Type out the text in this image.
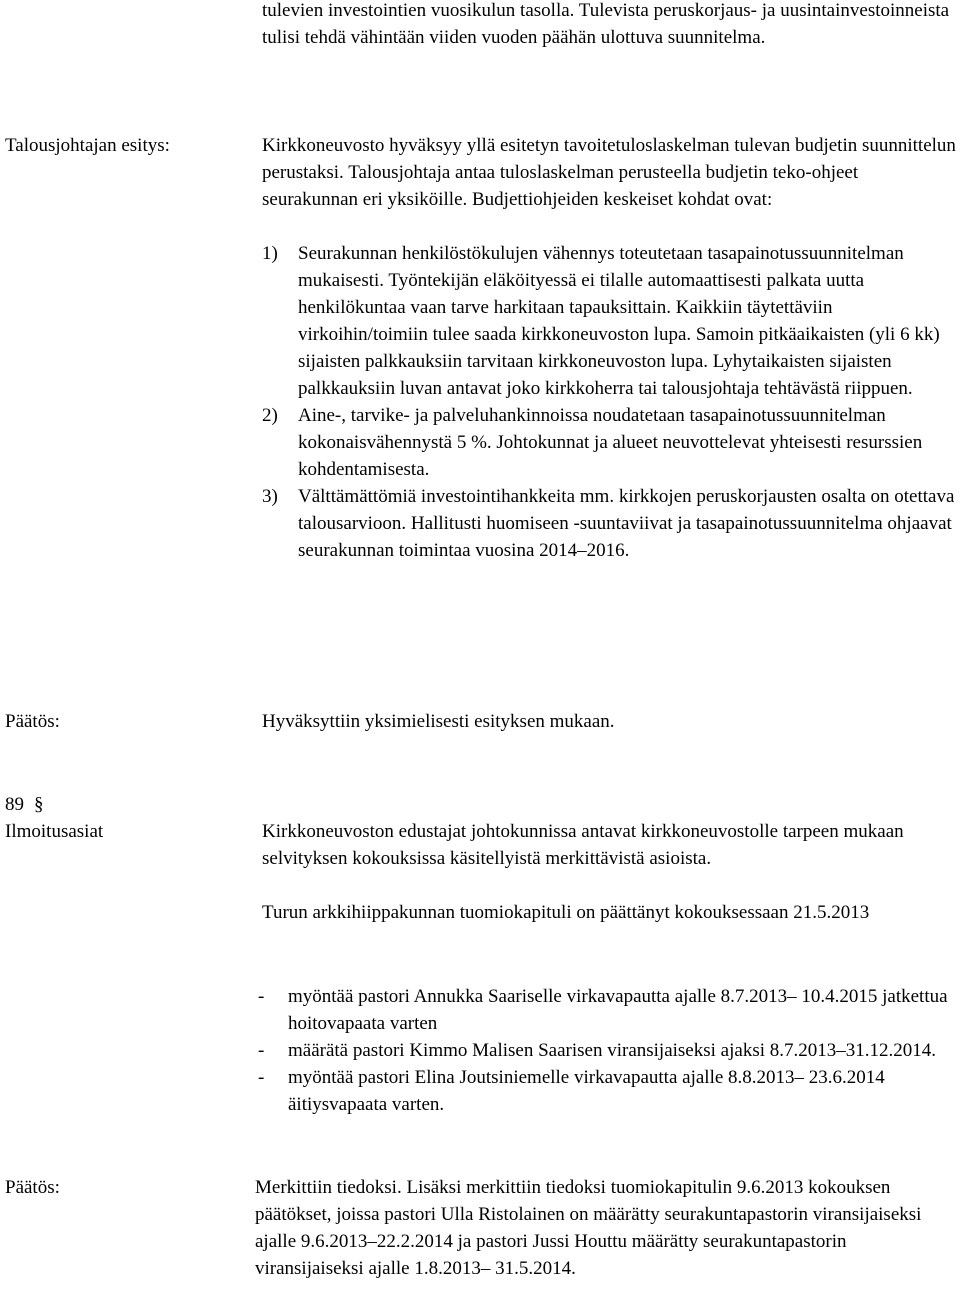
tulevien investointien vuosikulun tasolla. Tulevista peruskorjaus- ja uusintainvestoinneista tulisi tehdä vähintään viiden vuoden päähän ulottuva suunnitelma.

Talousjohtajan esitys:	Kirkkoneuvosto hyväksyy yllä esitetyn tavoitetuloslaskelman tulevan budjetin suunnittelun perustaksi. Talousjohtaja antaa tuloslaskelman perusteella budjetin teko-ohjeet seurakunnan eri yksiköille. Budjettiohjeiden keskeiset kohdat ovat:

1) Seurakunnan henkilöstökulujen vähennys toteutetaan tasapainotussuunnitelman mukaisesti. Työntekijän eläköityessä ei tilalle automaattisesti palkata uutta henkilökuntaa vaan tarve harkitaan tapauksittain. Kaikkiin täytettäviin virkoihin/toimiin tulee saada kirkkoneuvoston lupa. Samoin pitkäaikaisten (yli 6 kk) sijaisten palkkauksiin tarvitaan kirkkoneuvoston lupa. Lyhytaikaisten sijaisten palkkauksiin luvan antavat joko kirkkoherra tai talousjohtaja tehtävästä riippuen.
2) Aine-, tarvike- ja palveluhankinnoissa noudatetaan tasapainotussuunnitelman kokonaisvähennystä 5 %. Johtokunnat ja alueet neuvottelevat yhteisesti resurssien kohdentamisesta.
3) Välttämättömiä investointihankkeita mm. kirkkojen peruskorjausten osalta on otettava talousarvioon. Hallitusti huomiseen -suuntaviivat ja tasapainotussuunnitelma ohjaavat seurakunnan toimintaa vuosina 2014‒2016.
Päätös:	Hyväksyttiin yksimielisesti esityksen mukaan.
89 §
Ilmoitusasiat	Kirkkoneuvoston edustajat johtokunnissa antavat kirkkoneuvostolle tarpeen mukaan selvityksen kokouksissa käsitellyistä merkittävistä asioista.

Turun arkkihiippakunnan tuomiokapituli on päättänyt kokouksessaan 21.5.2013

- myöntää pastori Annukka Saariselle virkavapautta ajalle 8.7.2013‒ 10.4.2015 jatkettua hoitovapaata varten
- määrätä pastori Kimmo Malisen Saarisen viransijaiseksi ajaksi 8.7.2013‒31.12.2014.
- myöntää pastori Elina Joutsiniemelle virkavapautta ajalle 8.8.2013‒ 23.6.2014 äitiysvapaata varten.
Päätös:	Merkittiin tiedoksi. Lisäksi merkittiin tiedoksi tuomiokapitulin 9.6.2013 kokouksen päätökset, joissa pastori Ulla Ristolainen on määrätty seurakuntapastorin viransijaiseksi ajalle 9.6.2013‒22.2.2014 ja pastori Jussi Houttu määrätty seurakuntapastorin viransijaiseksi ajalle 1.8.2013‒ 31.5.2014.
